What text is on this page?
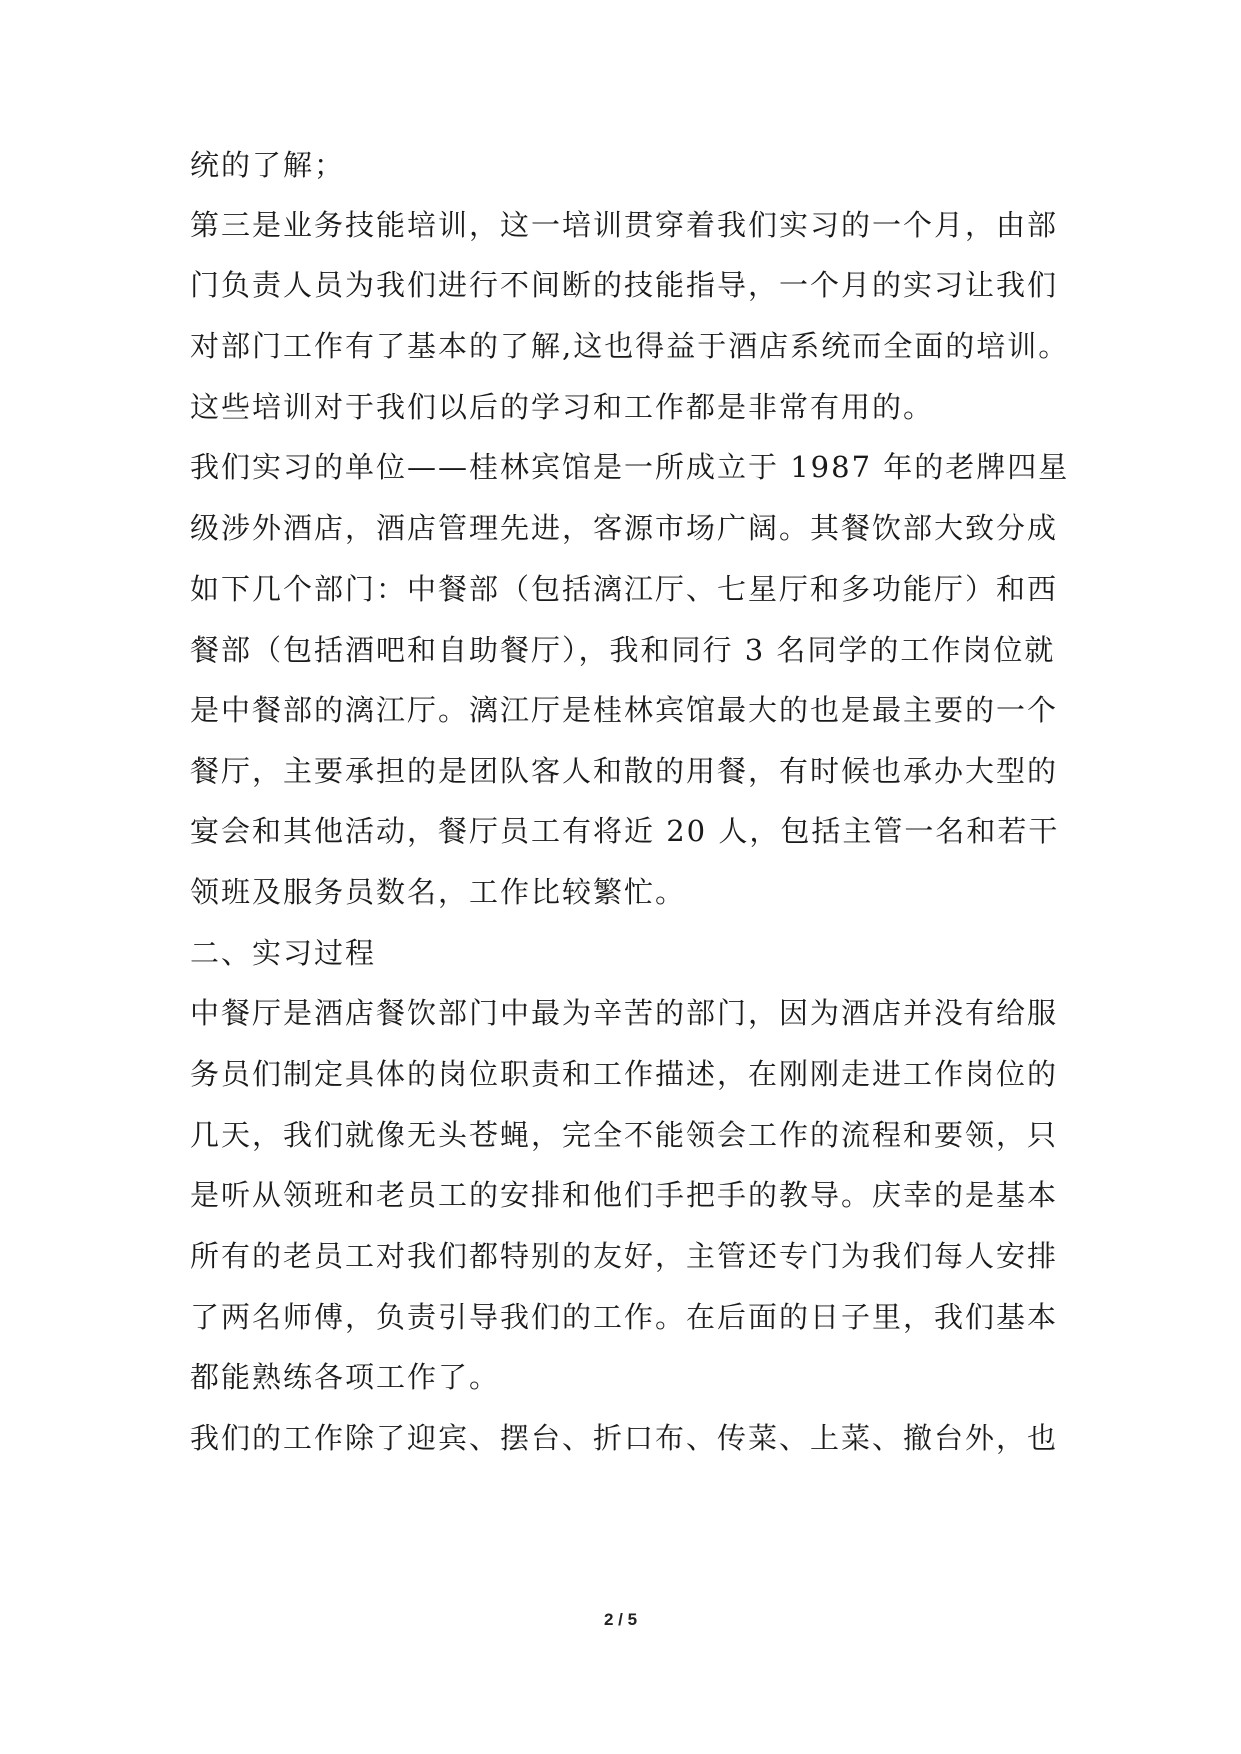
统的了解；
第三是业务技能培训，这一培训贯穿着我们实习的一个月，由部
门负责人员为我们进行不间断的技能指导，一个月的实习让我们
对部门工作有了基本的了解,这也得益于酒店系统而全面的培训。
这些培训对于我们以后的学习和工作都是非常有用的。
我们实习的单位——桂林宾馆是一所成立于 1987 年的老牌四星
级涉外酒店，酒店管理先进，客源市场广阔。其餐饮部大致分成
如下几个部门：中餐部（包括漓江厅、七星厅和多功能厅）和西
餐部（包括酒吧和自助餐厅），我和同行 3 名同学的工作岗位就
是中餐部的漓江厅。漓江厅是桂林宾馆最大的也是最主要的一个
餐厅，主要承担的是团队客人和散的用餐，有时候也承办大型的
宴会和其他活动，餐厅员工有将近 20 人，包括主管一名和若干
领班及服务员数名，工作比较繁忙。
二、实习过程
中餐厅是酒店餐饮部门中最为辛苦的部门，因为酒店并没有给服
务员们制定具体的岗位职责和工作描述，在刚刚走进工作岗位的
几天，我们就像无头苍蝇，完全不能领会工作的流程和要领，只
是听从领班和老员工的安排和他们手把手的教导。庆幸的是基本
所有的老员工对我们都特别的友好，主管还专门为我们每人安排
了两名师傅，负责引导我们的工作。在后面的日子里，我们基本
都能熟练各项工作了。
我们的工作除了迎宾、摆台、折口布、传菜、上菜、撤台外，也
2 / 5
